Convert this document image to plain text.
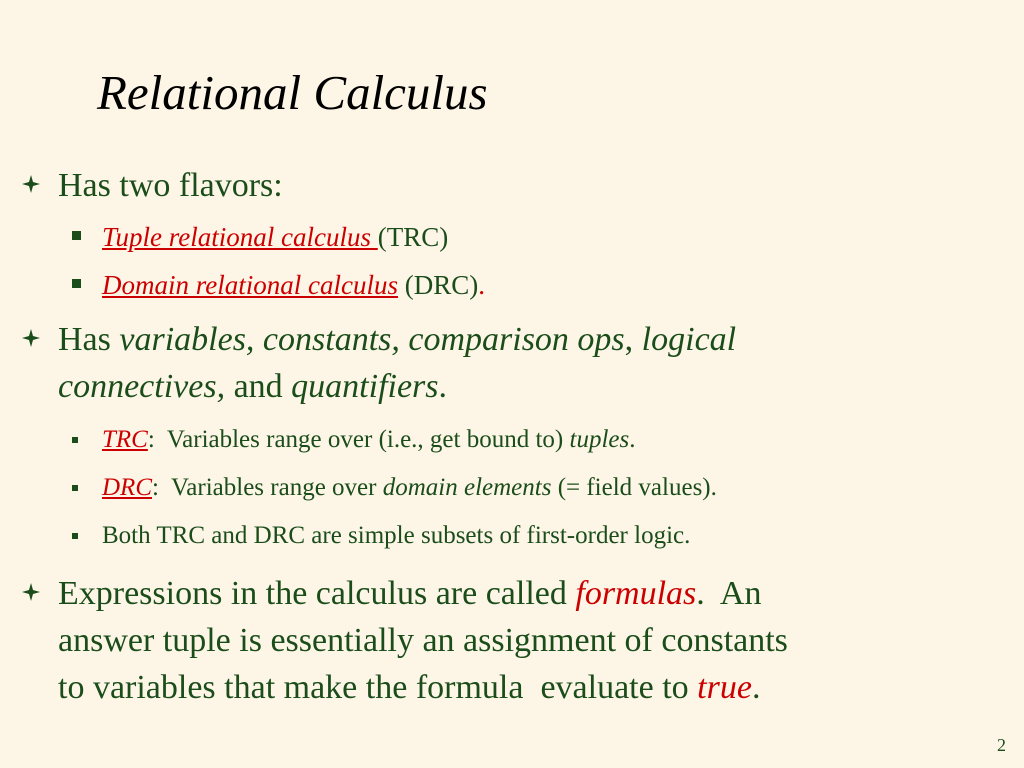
Relational Calculus
Has two flavors:
Tuple relational calculus (TRC)
Domain relational calculus (DRC).
Has variables, constants, comparison ops, logical
connectives, and quantifiers.
TRC:  Variables range over (i.e., get bound to) tuples.
DRC:  Variables range over domain elements (= field values).
Both TRC and DRC are simple subsets of first-order logic.
Expressions in the calculus are called formulas.  An
answer tuple is essentially an assignment of constants
to variables that make the formula  evaluate to true.
2
